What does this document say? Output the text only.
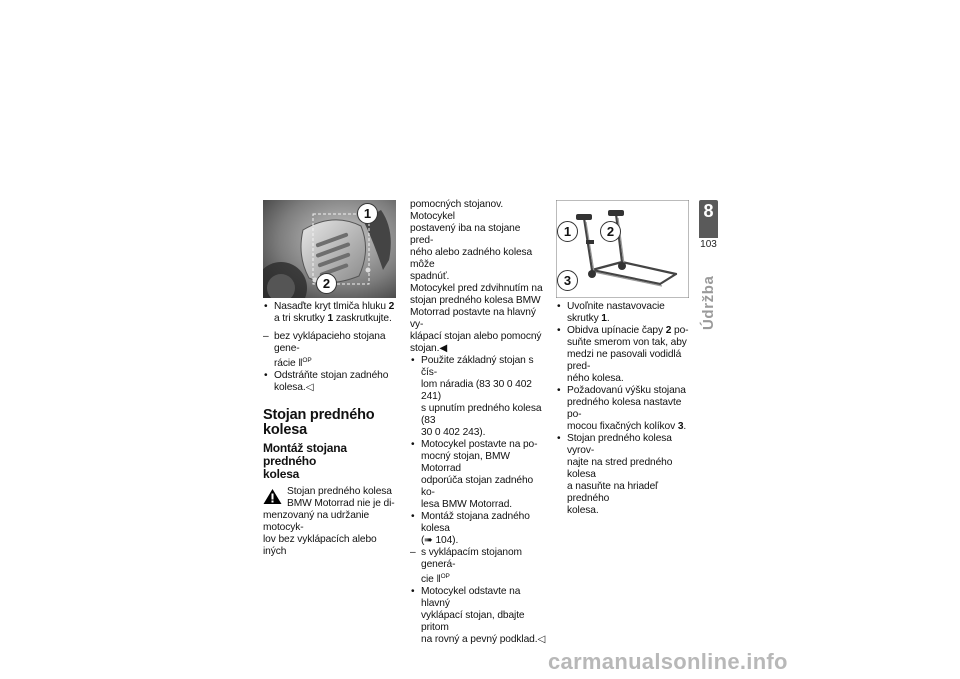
1
2
• Nasaďte kryt tlmiča hluku 2
a tri skrutky 1 zaskrutkujte.
– bez vyklápacieho stojana gene-
rácie ‖$^{OP}$
• Odstráňte stojan zadného
kolesa.◁
Stojan predného
kolesa
Montáž stojana predného
kolesa
Stojan predného kolesa
BMW Motorrad nie je di-
menzovaný na udržanie motocyk-
lov bez vyklápacích alebo iných
pomocných stojanov. Motocykel
postavený iba na stojane pred-
ného alebo zadného kolesa môže
spadnúť.
Motocykel pred zdvihnutím na
stojan predného kolesa BMW
Motorrad postavte na hlavný vy-
klápací stojan alebo pomocný
stojan.◀
• Použite základný stojan s čís-
lom náradia (83 30 0 402 241)
s upnutím predného kolesa (83
30 0 402 243).
• Motocykel postavte na po-
mocný stojan, BMW Motorrad
odporúča stojan zadného ko-
lesa BMW Motorrad.
• Montáž stojana zadného kolesa
(➠ 104).
– s vyklápacím stojanom generá-
cie ‖$^{OP}$
• Motocykel odstavte na hlavný
vyklápací stojan, dbajte pritom
na rovný a pevný podklad.◁
1	2
3
• Uvoľnite nastavovacie
skrutky 1.
• Obidva upínacie čapy 2 po-
suňte smerom von tak, aby
medzi ne pasovali vodidlá pred-
ného kolesa.
• Požadovanú výšku stojana
predného kolesa nastavte po-
mocou fixačných kolíkov 3.
• Stojan predného kolesa vyrov-
najte na stred predného kolesa
a nasuňte na hriadeľ predného
kolesa.
8
103
Údržba
carmanualsonline.info
